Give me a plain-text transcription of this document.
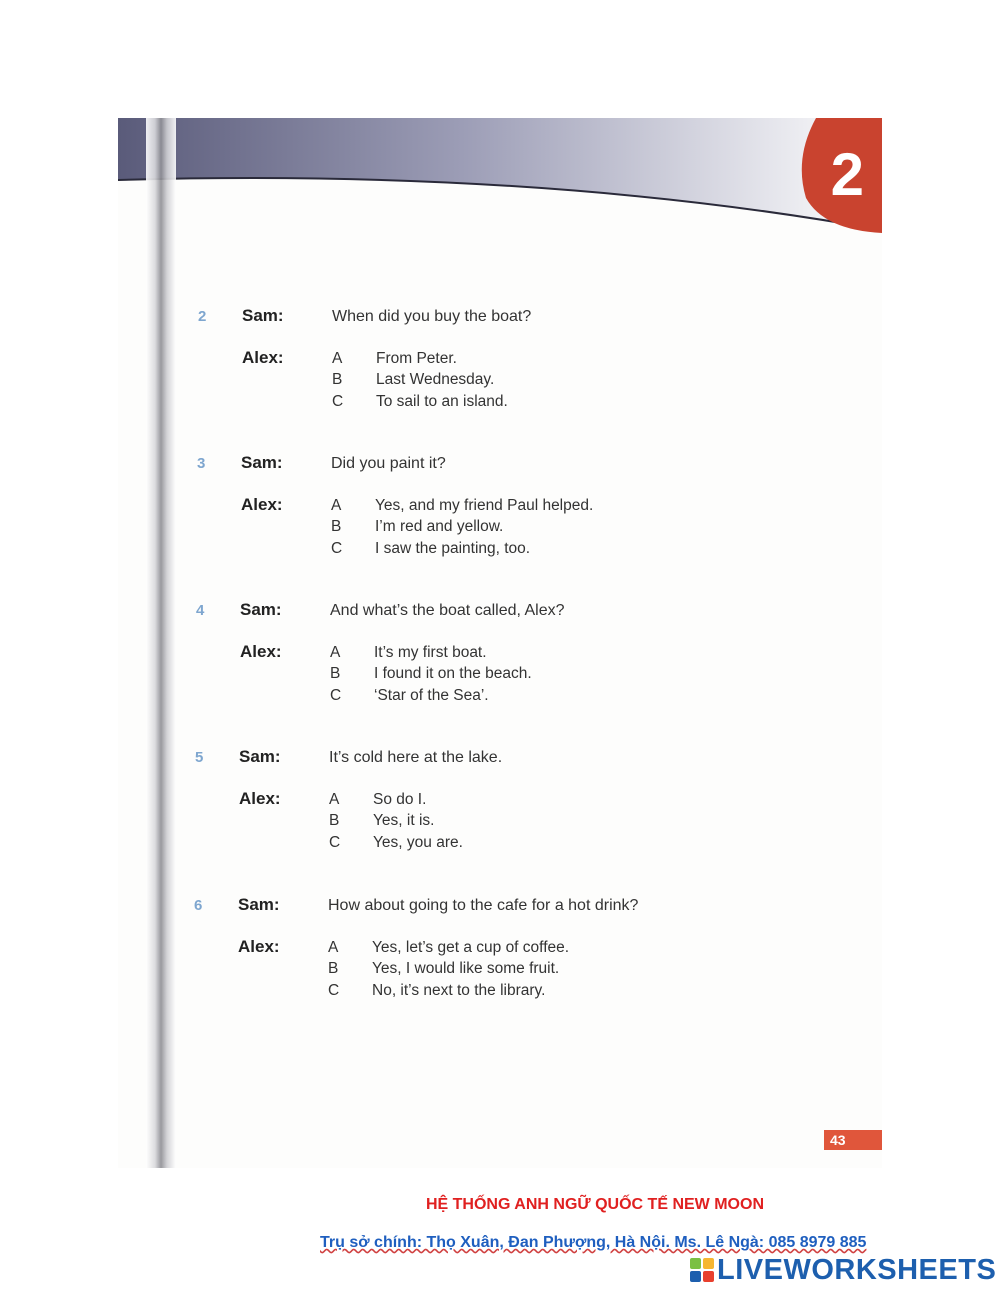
2
2 Sam:	When did you buy the boat?
Alex:	A	From Peter.
B	Last Wednesday.
C	To sail to an island.
3 Sam:	Did you paint it?
Alex:	A	Yes, and my friend Paul helped.
B	I’m red and yellow.
C	I saw the painting, too.
4 Sam:	And what’s the boat called, Alex?
Alex:	A	It’s my first boat.
B	I found it on the beach.
C	‘Star of the Sea’.
5 Sam:	It’s cold here at the lake.
Alex:	A	So do I.
B	Yes, it is.
C	Yes, you are.
6 Sam:	How about going to the cafe for a hot drink?
Alex:	A	Yes, let’s get a cup of coffee.
B	Yes, I would like some fruit.
C	No, it’s next to the library.
43
HỆ THỐNG ANH NGỮ QUỐC TẾ NEW MOON
Trụ sở chính: Thọ Xuân, Đan Phượng, Hà Nội. Ms. Lê Ngà: 085 8979 885
LIVEWORKSHEETS
